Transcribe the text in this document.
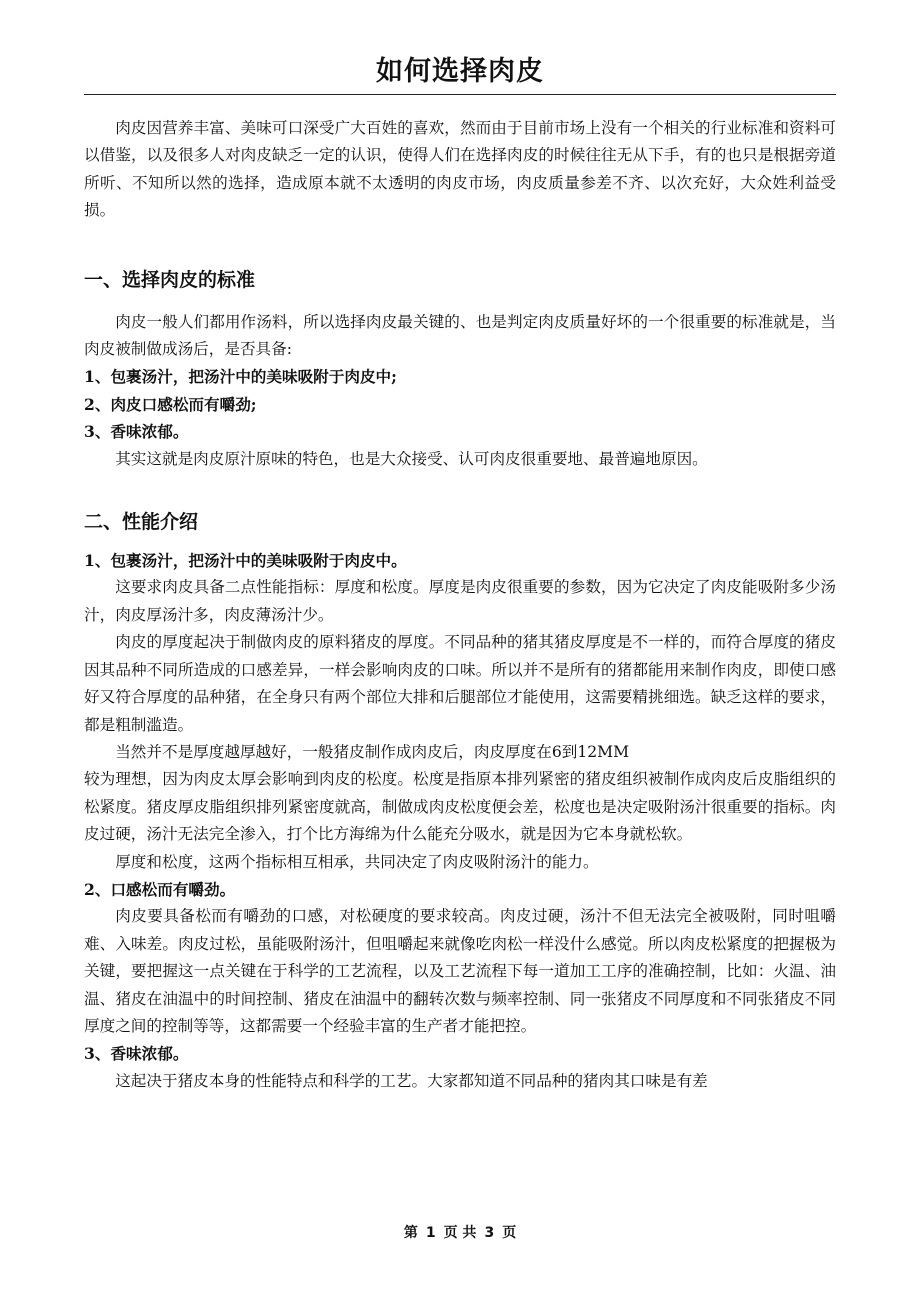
www.zixin.com.cn
如何选择肉皮

肉皮因营养丰富、美味可口深受广大百姓的喜欢，然而由于目前市场上没有一个相关的行业标准和资料可以借鉴，以及很多人对肉皮缺乏一定的认识，使得人们在选择肉皮的时候往往无从下手，有的也只是根据旁道所听、不知所以然的选择，造成原本就不太透明的肉皮市场，肉皮质量参差不齐、以次充好，大众姓利益受损。

一、选择肉皮的标准

肉皮一般人们都用作汤料，所以选择肉皮最关键的、也是判定肉皮质量好坏的一个很重要的标准就是，当肉皮被制做成汤后，是否具备:

1、包裹汤汁，把汤汁中的美味吸附于肉皮中;

2、肉皮口感松而有嚼劲;

3、香味浓郁。

其实这就是肉皮原汁原味的特色，也是大众接受、认可肉皮很重要地、最普遍地原因。

二、性能介绍

1、包裹汤汁，把汤汁中的美味吸附于肉皮中。

这要求肉皮具备二点性能指标：厚度和松度。厚度是肉皮很重要的参数，因为它决定了肉皮能吸附多少汤汁，肉皮厚汤汁多，肉皮薄汤汁少。

肉皮的厚度起决于制做肉皮的原料猪皮的厚度。不同品种的猪其猪皮厚度是不一样的，而符合厚度的猪皮因其品种不同所造成的口感差异，一样会影响肉皮的口味。所以并不是所有的猪都能用来制作肉皮，即使口感好又符合厚度的品种猪，在全身只有两个部位大排和后腿部位才能使用，这需要精挑细选。缺乏这样的要求，都是粗制滥造。

当然并不是厚度越厚越好，一般猪皮制作成肉皮后，肉皮厚度在6到12MM

较为理想，因为肉皮太厚会影响到肉皮的松度。松度是指原本排列紧密的猪皮组织被制作成肉皮后皮脂组织的松紧度。猪皮厚皮脂组织排列紧密度就高，制做成肉皮松度便会差，松度也是决定吸附汤汁很重要的指标。肉皮过硬，汤汁无法完全渗入，打个比方海绵为什么能充分吸水，就是因为它本身就松软。

厚度和松度，这两个指标相互相承，共同决定了肉皮吸附汤汁的能力。

2、口感松而有嚼劲。

肉皮要具备松而有嚼劲的口感，对松硬度的要求较高。肉皮过硬，汤汁不但无法完全被吸附，同时咀嚼难、入味差。肉皮过松，虽能吸附汤汁，但咀嚼起来就像吃肉松一样没什么感觉。所以肉皮松紧度的把握极为关键，要把握这一点关键在于科学的工艺流程，以及工艺流程下每一道加工工序的准确控制，比如：火温、油温、猪皮在油温中的时间控制、猪皮在油温中的翻转次数与频率控制、同一张猪皮不同厚度和不同张猪皮不同厚度之间的控制等等，这都需要一个经验丰富的生产者才能把控。

3、香味浓郁。

这起决于猪皮本身的性能特点和科学的工艺。大家都知道不同品种的猪肉其口味是有差

第 1 页 共 3 页
